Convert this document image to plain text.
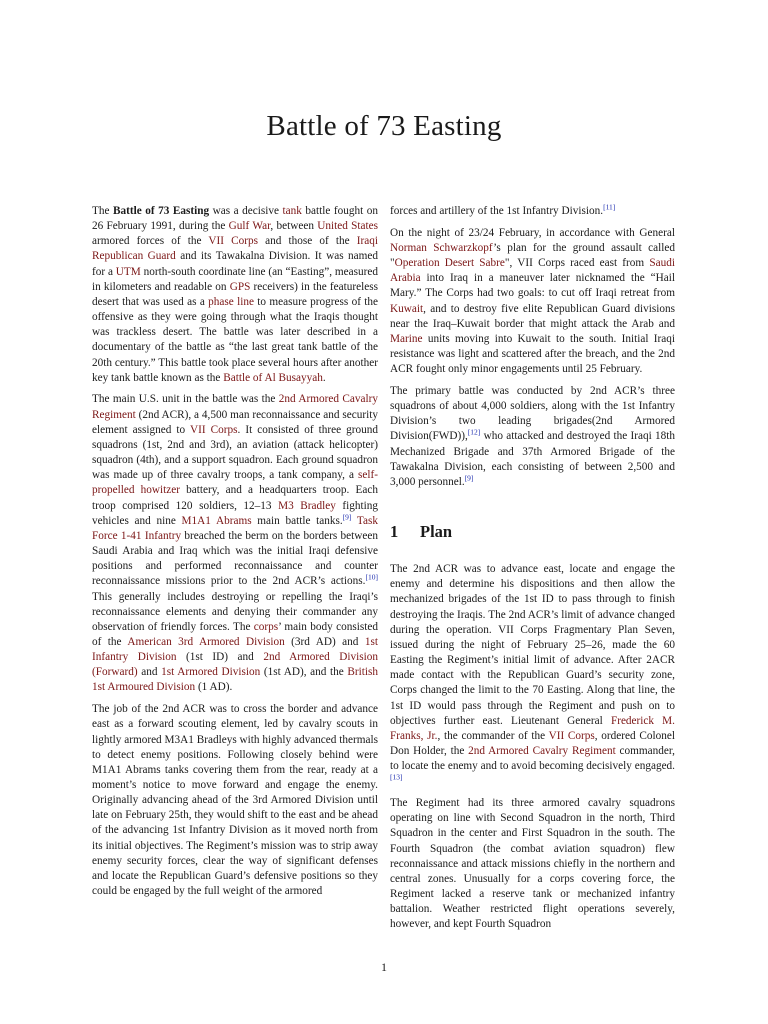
Battle of 73 Easting

The Battle of 73 Easting was a decisive tank battle fought on 26 February 1991, during the Gulf War, between United States armored forces of the VII Corps and those of the Iraqi Republican Guard and its Tawakalna Division. It was named for a UTM north-south coordinate line (an “Easting”, measured in kilometers and readable on GPS receivers) in the featureless desert that was used as a phase line to measure progress of the offensive as they were going through what the Iraqis thought was trackless desert. The battle was later described in a documentary of the battle as “the last great tank battle of the 20th century.” This battle took place several hours after another key tank battle known as the Battle of Al Busayyah.

The main U.S. unit in the battle was the 2nd Armored Cavalry Regiment (2nd ACR), a 4,500 man reconnaissance and security element assigned to VII Corps. It consisted of three ground squadrons (1st, 2nd and 3rd), an aviation (attack helicopter) squadron (4th), and a support squadron. Each ground squadron was made up of three cavalry troops, a tank company, a self-propelled howitzer battery, and a headquarters troop. Each troop comprised 120 soldiers, 12–13 M3 Bradley fighting vehicles and nine M1A1 Abrams main battle tanks.[9] Task Force 1-41 Infantry breached the berm on the borders between Saudi Arabia and Iraq which was the initial Iraqi defensive positions and performed reconnaissance and counter reconnaissance missions prior to the 2nd ACR’s actions.[10] This generally includes destroying or repelling the Iraqi’s reconnaissance elements and denying their commander any observation of friendly forces. The corps’ main body consisted of the American 3rd Armored Division (3rd AD) and 1st Infantry Division (1st ID) and 2nd Armored Division (Forward) and 1st Armored Division (1st AD), and the British 1st Armoured Division (1 AD).

The job of the 2nd ACR was to cross the border and advance east as a forward scouting element, led by cavalry scouts in lightly armored M3A1 Bradleys with highly advanced thermals to detect enemy positions. Following closely behind were M1A1 Abrams tanks covering them from the rear, ready at a moment’s notice to move forward and engage the enemy. Originally advancing ahead of the 3rd Armored Division until late on February 25th, they would shift to the east and be ahead of the advancing 1st Infantry Division as it moved north from its initial objectives. The Regiment’s mission was to strip away enemy security forces, clear the way of significant defenses and locate the Republican Guard’s defensive positions so they could be engaged by the full weight of the armored

forces and artillery of the 1st Infantry Division.[11]

On the night of 23/24 February, in accordance with General Norman Schwarzkopf’s plan for the ground assault called "Operation Desert Sabre", VII Corps raced east from Saudi Arabia into Iraq in a maneuver later nicknamed the “Hail Mary.” The Corps had two goals: to cut off Iraqi retreat from Kuwait, and to destroy five elite Republican Guard divisions near the Iraq–Kuwait border that might attack the Arab and Marine units moving into Kuwait to the south. Initial Iraqi resistance was light and scattered after the breach, and the 2nd ACR fought only minor engagements until 25 February.

The primary battle was conducted by 2nd ACR’s three squadrons of about 4,000 soldiers, along with the 1st Infantry Division’s two leading brigades(2nd Armored Division(FWD)),[12] who attacked and destroyed the Iraqi 18th Mechanized Brigade and 37th Armored Brigade of the Tawakalna Division, each consisting of between 2,500 and 3,000 personnel.[9]

1 Plan

The 2nd ACR was to advance east, locate and engage the enemy and determine his dispositions and then allow the mechanized brigades of the 1st ID to pass through to finish destroying the Iraqis. The 2nd ACR’s limit of advance changed during the operation. VII Corps Fragmentary Plan Seven, issued during the night of February 25–26, made the 60 Easting the Regiment’s initial limit of advance. After 2ACR made contact with the Republican Guard’s security zone, Corps changed the limit to the 70 Easting. Along that line, the 1st ID would pass through the Regiment and push on to objectives further east. Lieutenant General Frederick M. Franks, Jr., the commander of the VII Corps, ordered Colonel Don Holder, the 2nd Armored Cavalry Regiment commander, to locate the enemy and to avoid becoming decisively engaged.[13]

The Regiment had its three armored cavalry squadrons operating on line with Second Squadron in the north, Third Squadron in the center and First Squadron in the south. The Fourth Squadron (the combat aviation squadron) flew reconnaissance and attack missions chiefly in the northern and central zones. Unusually for a corps covering force, the Regiment lacked a reserve tank or mechanized infantry battalion. Weather restricted flight operations severely, however, and kept Fourth Squadron

1
